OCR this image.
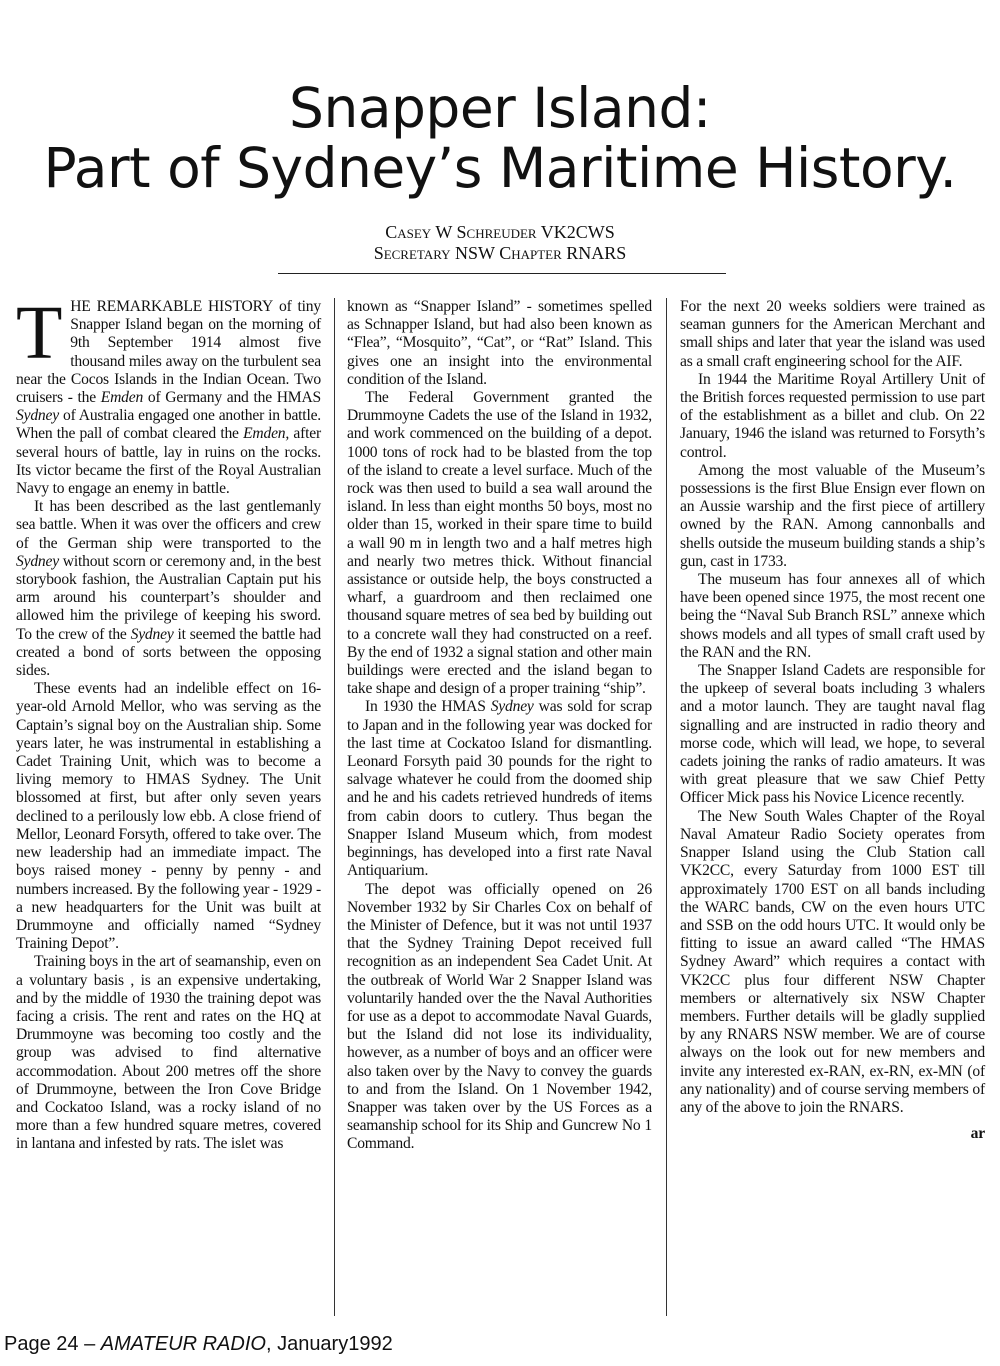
Snapper Island:
Part of Sydney’s Maritime History.
Casey W Schreuder VK2CWS
Secretary NSW Chapter RNARS

THE REMARKABLE HISTORY of tiny Snapper Island began on the morning of 9th September 1914 almost five thousand miles away on the turbulent sea near the Cocos Islands in the Indian Ocean. Two cruisers - the Emden of Germany and the HMAS Sydney of Australia engaged one another in battle. When the pall of combat cleared the Emden, after several hours of battle, lay in ruins on the rocks. Its victor became the first of the Royal Australian Navy to engage an enemy in battle.

It has been described as the last gentlemanly sea battle. When it was over the officers and crew of the German ship were transported to the Sydney without scorn or ceremony and, in the best storybook fashion, the Australian Captain put his arm around his counterpart’s shoulder and allowed him the privilege of keeping his sword. To the crew of the Sydney it seemed the battle had created a bond of sorts between the opposing sides.

These events had an indelible effect on 16-year-old Arnold Mellor, who was serving as the Captain’s signal boy on the Australian ship. Some years later, he was instrumental in establishing a Cadet Training Unit, which was to become a living memory to HMAS Sydney. The Unit blossomed at first, but after only seven years declined to a perilously low ebb. A close friend of Mellor, Leonard Forsyth, offered to take over. The new leadership had an immediate impact. The boys raised money - penny by penny - and numbers increased. By the following year - 1929 - a new headquarters for the Unit was built at Drummoyne and officially named “Sydney Training Depot”.

Training boys in the art of seamanship, even on a voluntary basis , is an expensive undertaking, and by the middle of 1930 the training depot was facing a crisis. The rent and rates on the HQ at Drummoyne was becoming too costly and the group was advised to find alternative accommodation. About 200 metres off the shore of Drummoyne, between the Iron Cove Bridge and Cockatoo Island, was a rocky island of no more than a few hundred square metres, covered in lantana and infested by rats. The islet was

known as “Snapper Island” - sometimes spelled as Schnapper Island, but had also been known as “Flea”, “Mosquito”, “Cat”, or “Rat” Island. This gives one an insight into the environmental condition of the Island.

The Federal Government granted the Drummoyne Cadets the use of the Island in 1932, and work commenced on the building of a depot. 1000 tons of rock had to be blasted from the top of the island to create a level surface. Much of the rock was then used to build a sea wall around the island. In less than eight months 50 boys, most no older than 15, worked in their spare time to build a wall 90 m in length two and a half metres high and nearly two metres thick. Without financial assistance or outside help, the boys constructed a wharf, a guardroom and then reclaimed one thousand square metres of sea bed by building out to a concrete wall they had constructed on a reef. By the end of 1932 a signal station and other main buildings were erected and the island began to take shape and design of a proper training “ship”.

In 1930 the HMAS Sydney was sold for scrap to Japan and in the following year was docked for the last time at Cockatoo Island for dismantling. Leonard Forsyth paid 30 pounds for the right to salvage whatever he could from the doomed ship and he and his cadets retrieved hundreds of items from cabin doors to cutlery. Thus began the Snapper Island Museum which, from modest beginnings, has developed into a first rate Naval Antiquarium.

The depot was officially opened on 26 November 1932 by Sir Charles Cox on behalf of the Minister of Defence, but it was not until 1937 that the Sydney Training Depot received full recognition as an independent Sea Cadet Unit. At the outbreak of World War 2 Snapper Island was voluntarily handed over the the Naval Authorities for use as a depot to accommodate Naval Guards, but the Island did not lose its individuality, however, as a number of boys and an officer were also taken over by the Navy to convey the guards to and from the Island. On 1 November 1942, Snapper was taken over by the US Forces as a seamanship school for its Ship and Guncrew No 1 Command.

For the next 20 weeks soldiers were trained as seaman gunners for the American Merchant and small ships and later that year the island was used as a small craft engineering school for the AIF.

In 1944 the Maritime Royal Artillery Unit of the British forces requested permission to use part of the establishment as a billet and club. On 22 January, 1946 the island was returned to Forsyth’s control.

Among the most valuable of the Museum’s possessions is the first Blue Ensign ever flown on an Aussie warship and the first piece of artillery owned by the RAN. Among cannonballs and shells outside the museum building stands a ship’s gun, cast in 1733.

The museum has four annexes all of which have been opened since 1975, the most recent one being the “Naval Sub Branch RSL” annexe which shows models and all types of small craft used by the RAN and the RN.

The Snapper Island Cadets are responsible for the upkeep of several boats including 3 whalers and a motor launch. They are taught naval flag signalling and are instructed in radio theory and morse code, which will lead, we hope, to several cadets joining the ranks of radio amateurs. It was with great pleasure that we saw Chief Petty Officer Mick pass his Novice Licence recently.

The New South Wales Chapter of the Royal Naval Amateur Radio Society operates from Snapper Island using the Club Station call VK2CC, every Saturday from 1000 EST till approximately 1700 EST on all bands including the WARC bands, CW on the even hours UTC and SSB on the odd hours UTC. It would only be fitting to issue an award called “The HMAS Sydney Award” which requires a contact with VK2CC plus four different NSW Chapter members or alternatively six NSW Chapter members. Further details will be gladly supplied by any RNARS NSW member. We are of course always on the look out for new members and invite any interested ex-RAN, ex-RN, ex-MN (of any nationality) and of course serving members of any of the above to join the RNARS.

ar
Page 24 – AMATEUR RADIO, January1992
